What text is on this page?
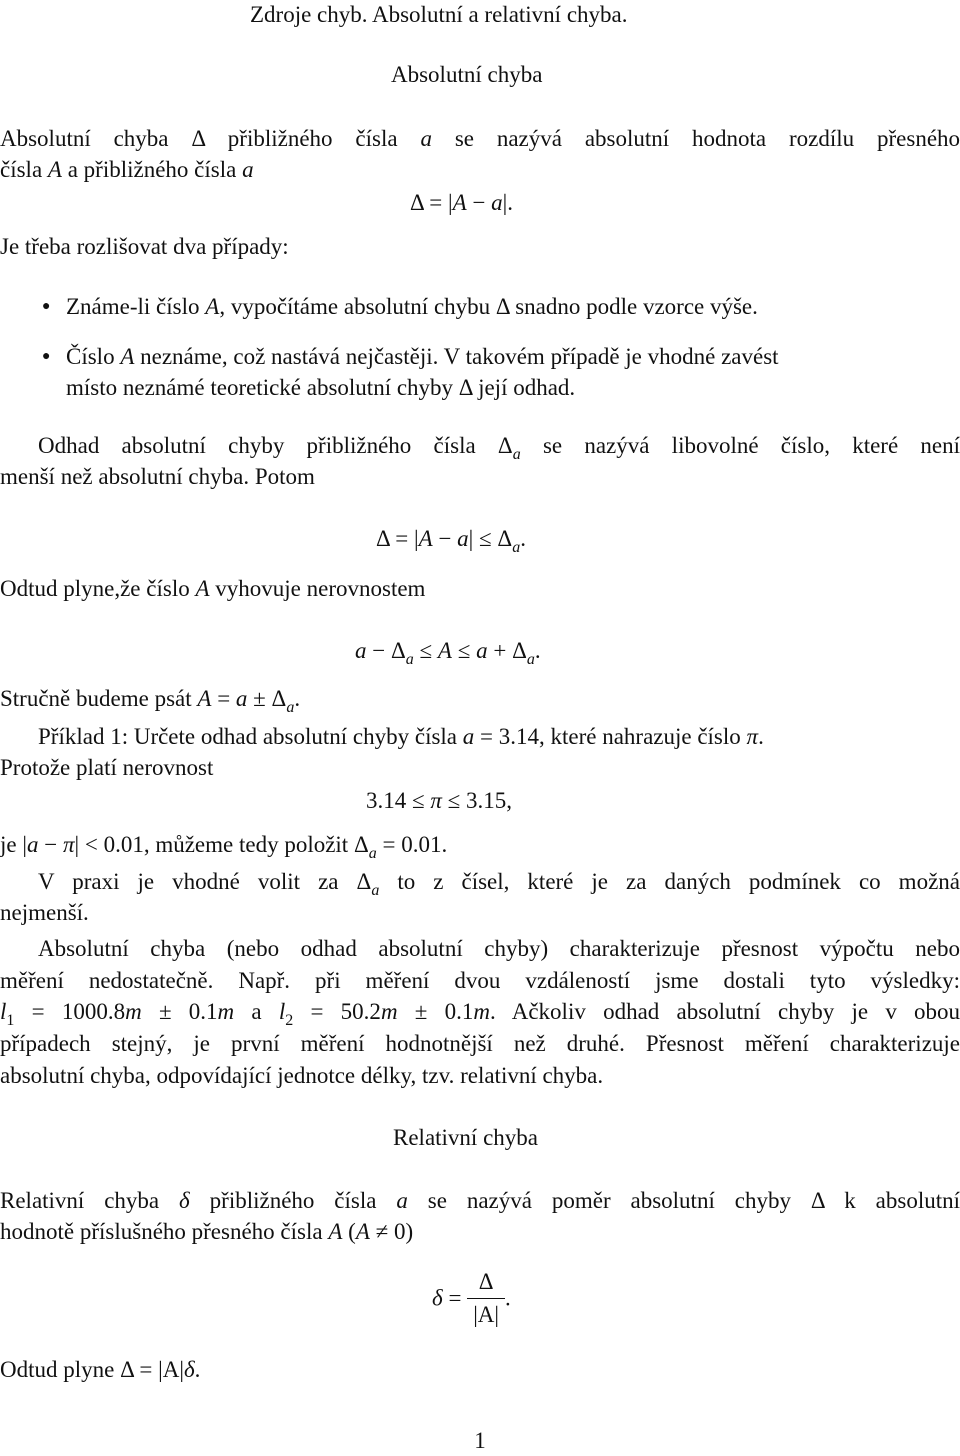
Zdroje chyb. Absolutní a relativní chyba.
Absolutní chyba
Absolutní chyba Δ přibližného čísla a se nazývá absolutní hodnota rozdílu přesného
čísla A a přibližného čísla a
Δ = |A − a|.
Je třeba rozlišovat dva případy:
● Známe-li číslo A, vypočítáme absolutní chybu Δ snadno podle vzorce výše.
● Číslo A neznáme, což nastává nejčastěji. V takovém případě je vhodné zavést
místo neznámé teoretické absolutní chyby Δ její odhad.
Odhad absolutní chyby přibližného čísla $\Delta_a$ se nazývá libovolné číslo, které není
menší než absolutní chyba. Potom
$\Delta = |A - a| \le \Delta_a$.
Odtud plyne,že číslo A vyhovuje nerovnostem
$a - \Delta_a \le A \le a + \Delta_a$.
Stručně budeme psát $A = a \pm \Delta_a$.
Příklad 1: Určete odhad absolutní chyby čísla a = 3.14, které nahrazuje číslo π.
Protože platí nerovnost
3.14 ≤ π ≤ 3.15,
je |a − π| < 0.01, můžeme tedy položit $\Delta_a = 0.01$.
V praxi je vhodné volit za $\Delta_a$ to z čísel, které je za daných podmínek co možná
nejmenší.
Absolutní chyba (nebo odhad absolutní chyby) charakterizuje přesnost výpočtu nebo
měření nedostatečně. Např. při měření dvou vzdáleností jsme dostali tyto výsledky:
$l_1 = 1000.8m \pm 0.1m$ a $l_2 = 50.2m \pm 0.1m$. Ačkoliv odhad absolutní chyby je v obou
případech stejný, je první měření hodnotnější než druhé. Přesnost měření charakterizuje
absolutní chyba, odpovídající jednotce délky, tzv. relativní chyba.
Relativní chyba
Relativní chyba δ přibližného čísla a se nazývá poměr absolutní chyby Δ k absolutní
hodnotě příslušného přesného čísla A (A ≠ 0)
$\delta = \frac{\Delta}{|A|}$ .
Odtud plyne Δ = |A|δ.
1
